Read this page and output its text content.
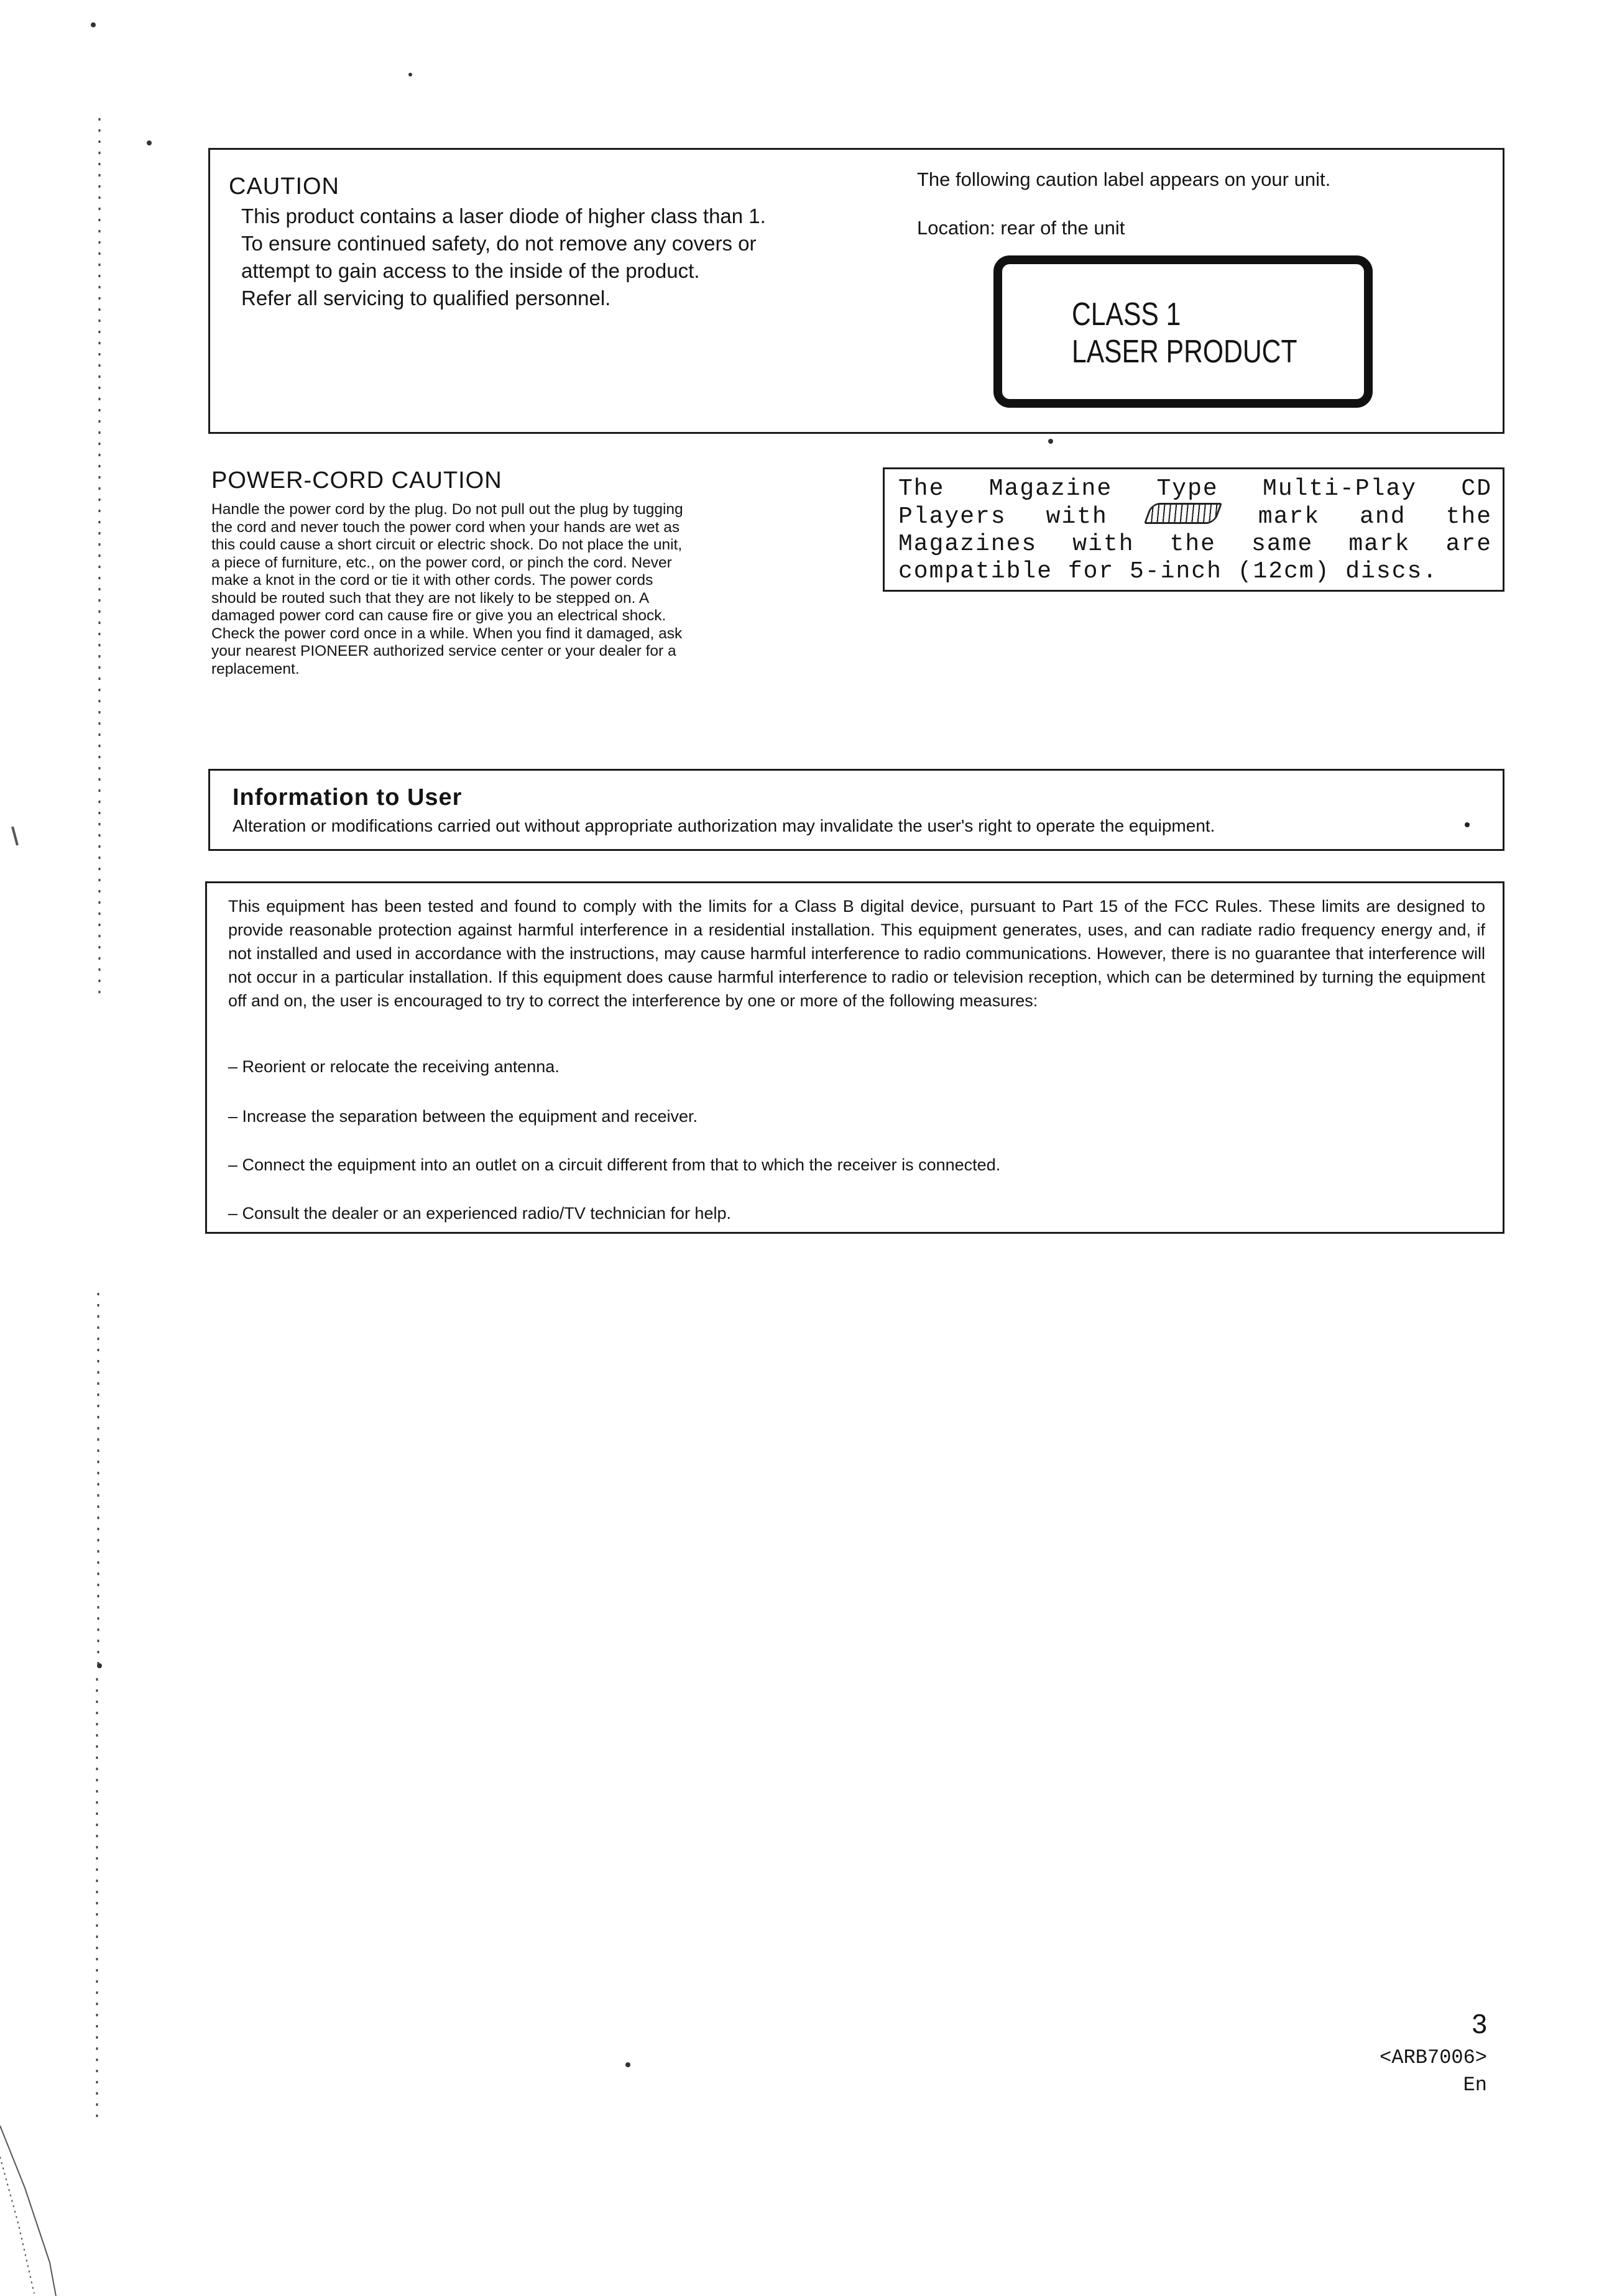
CAUTION
This product contains a laser diode of higher class than 1.
To ensure continued safety, do not remove any covers or
attempt to gain access to the inside of the product.
Refer all servicing to qualified personnel.
The following caution label appears on your unit.
Location: rear of the unit
CLASS 1
LASER PRODUCT
POWER-CORD CAUTION
Handle the power cord by the plug. Do not pull out the plug by tugging
the cord and never touch the power cord when your hands are wet as
this could cause a short circuit or electric shock. Do not place the unit,
a piece of furniture, etc., on the power cord, or pinch the cord. Never
make a knot in the cord or tie it with other cords. The power cords
should be routed such that they are not likely to be stepped on. A
damaged power cord can cause fire or give you an electrical shock.
Check the power cord once in a while. When you find it damaged, ask
your nearest PIONEER authorized service center or your dealer for a
replacement.
The Magazine Type Multi-Play CD Players with	mark and the Magazines with the same mark are compatible for 5-inch (12cm) discs.
Information to User
Alteration or modifications carried out without appropriate authorization may invalidate the user's right to operate the equipment.
This equipment has been tested and found to comply with the limits for a Class B digital device, pursuant to Part 15 of the FCC Rules. These limits are designed to provide reasonable protection against harmful interference in a residential installation. This equipment generates, uses, and can radiate radio frequency energy and, if not installed and used in accordance with the instructions, may cause harmful interference to radio communications. However, there is no guarantee that interference will not occur in a particular installation. If this equipment does cause harmful interference to radio or television reception, which can be determined by turning the equipment off and on, the user is encouraged to try to correct the interference by one or more of the following measures:
– Reorient or relocate the receiving antenna.
– Increase the separation between the equipment and receiver.
– Connect the equipment into an outlet on a circuit different from that to which the receiver is connected.
– Consult the dealer or an experienced radio/TV technician for help.
3
<ARB7006>
En
